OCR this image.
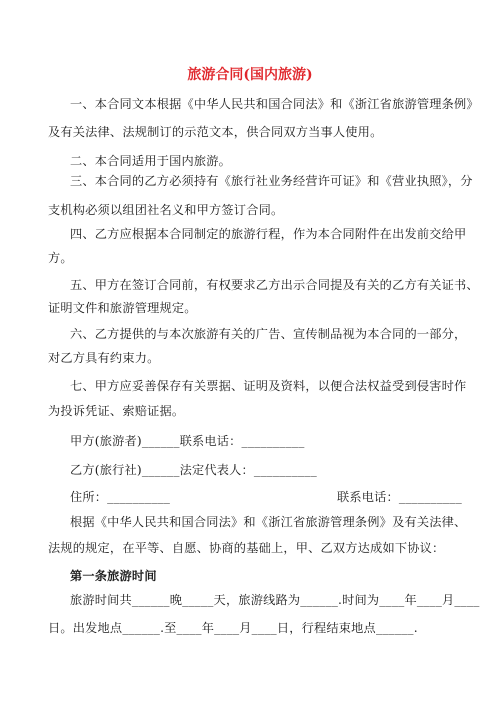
旅游合同(国内旅游)
一、本合同文本根据《中华人民共和国合同法》和《浙江省旅游管理条例》
及有关法律、法规制订的示范文本，供合同双方当事人使用。
二、本合同适用于国内旅游。
三、本合同的乙方必须持有《旅行社业务经营许可证》和《营业执照》，分
支机构必须以组团社名义和甲方签订合同。
四、乙方应根据本合同制定的旅游行程，作为本合同附件在出发前交给甲
方。
五、甲方在签订合同前，有权要求乙方出示合同提及有关的乙方有关证书、
证明文件和旅游管理规定。
六、乙方提供的与本次旅游有关的广告、宣传制品视为本合同的一部分，
对乙方具有约束力。
七、甲方应妥善保存有关票据、证明及资料，以便合法权益受到侵害时作
为投诉凭证、索赔证据。
甲方(旅游者)______联系电话：__________
乙方(旅行社)______法定代表人：__________
住所：__________	联系电话：__________
根据《中华人民共和国合同法》和《浙江省旅游管理条例》及有关法律、
法规的规定，在平等、自愿、协商的基础上，甲、乙双方达成如下协议：
第一条旅游时间
旅游时间共______晚_____天，旅游线路为______.时间为____年____月____
日。出发地点______.至____年____月____日，行程结束地点______.
